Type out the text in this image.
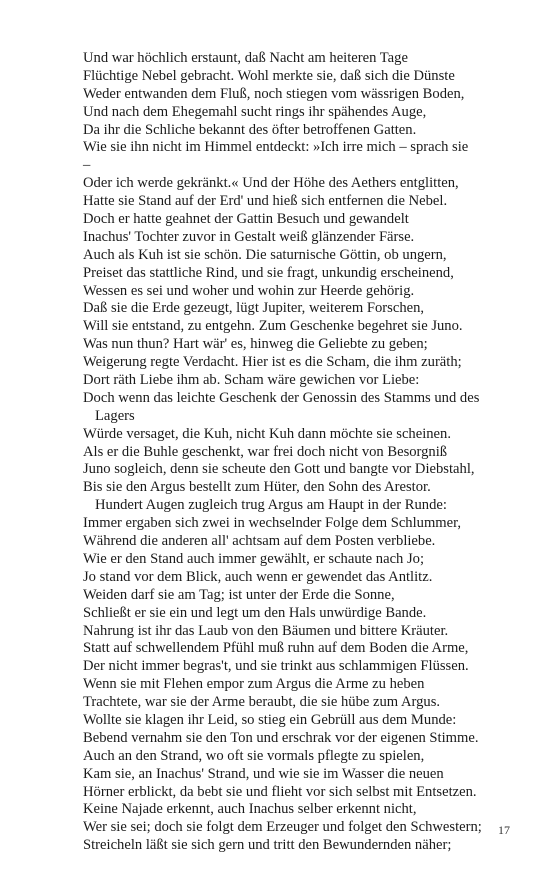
Und war höchlich erstaunt, daß Nacht am heiteren Tage
Flüchtige Nebel gebracht. Wohl merkte sie, daß sich die Dünste
Weder entwanden dem Fluß, noch stiegen vom wässrigen Boden,
Und nach dem Ehegemahl sucht rings ihr spähendes Auge,
Da ihr die Schliche bekannt des öfter betroffenen Gatten.
Wie sie ihn nicht im Himmel entdeckt: »Ich irre mich – sprach sie
–
Oder ich werde gekränkt.« Und der Höhe des Aethers entglitten,
Hatte sie Stand auf der Erd' und hieß sich entfernen die Nebel.
Doch er hatte geahnet der Gattin Besuch und gewandelt
Inachus' Tochter zuvor in Gestalt weiß glänzender Färse.
Auch als Kuh ist sie schön. Die saturnische Göttin, ob ungern,
Preiset das stattliche Rind, und sie fragt, unkundig erscheinend,
Wessen es sei und woher und wohin zur Heerde gehörig.
Daß sie die Erde gezeugt, lügt Jupiter, weiterem Forschen,
Will sie entstand, zu entgehn. Zum Geschenke begehret sie Juno.
Was nun thun? Hart wär' es, hinweg die Geliebte zu geben;
Weigerung regte Verdacht. Hier ist es die Scham, die ihm zuräth;
Dort räth Liebe ihm ab. Scham wäre gewichen vor Liebe:
Doch wenn das leichte Geschenk der Genossin des Stamms und des
Lagers
Würde versaget, die Kuh, nicht Kuh dann möchte sie scheinen.
Als er die Buhle geschenkt, war frei doch nicht von Besorgniß
Juno sogleich, denn sie scheute den Gott und bangte vor Diebstahl,
Bis sie den Argus bestellt zum Hüter, den Sohn des Arestor.
Hundert Augen zugleich trug Argus am Haupt in der Runde:
Immer ergaben sich zwei in wechselnder Folge dem Schlummer,
Während die anderen all' achtsam auf dem Posten verbliebe.
Wie er den Stand auch immer gewählt, er schaute nach Jo;
Jo stand vor dem Blick, auch wenn er gewendet das Antlitz.
Weiden darf sie am Tag; ist unter der Erde die Sonne,
Schließt er sie ein und legt um den Hals unwürdige Bande.
Nahrung ist ihr das Laub von den Bäumen und bittere Kräuter.
Statt auf schwellendem Pfühl muß ruhn auf dem Boden die Arme,
Der nicht immer begras't, und sie trinkt aus schlammigen Flüssen.
Wenn sie mit Flehen empor zum Argus die Arme zu heben
Trachtete, war sie der Arme beraubt, die sie hübe zum Argus.
Wollte sie klagen ihr Leid, so stieg ein Gebrüll aus dem Munde:
Bebend vernahm sie den Ton und erschrak vor der eigenen Stimme.
Auch an den Strand, wo oft sie vormals pflegte zu spielen,
Kam sie, an Inachus' Strand, und wie sie im Wasser die neuen
Hörner erblickt, da bebt sie und flieht vor sich selbst mit Entsetzen.
Keine Najade erkennt, auch Inachus selber erkennt nicht,
Wer sie sei; doch sie folgt dem Erzeuger und folget den Schwestern;
Streicheln läßt sie sich gern und tritt den Bewundernden näher;
17
